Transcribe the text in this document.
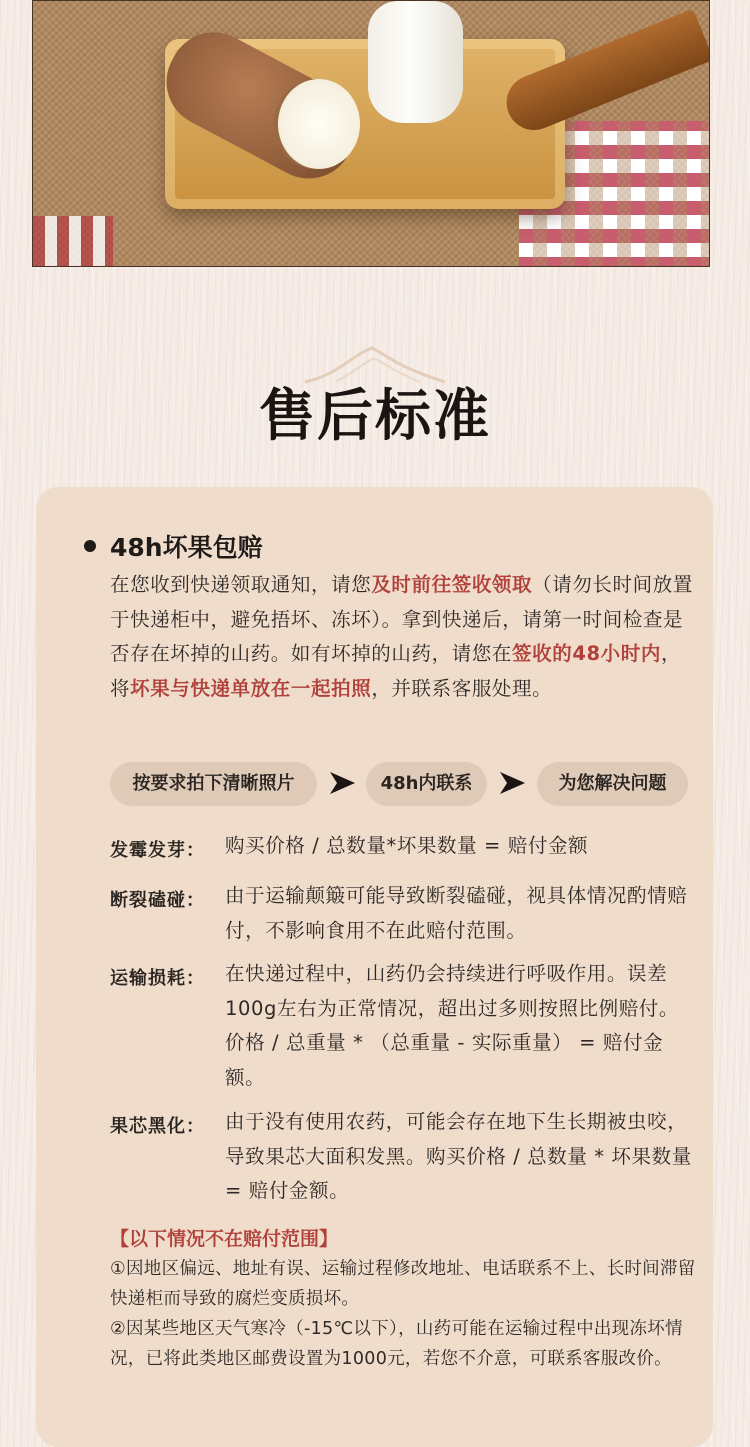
售后标准
48h坏果包赔
在您收到快递领取通知，请您及时前往签收领取（请勿长时间放置于快递柜中，避免捂坏、冻坏）。拿到快递后，请第一时间检查是否存在坏掉的山药。如有坏掉的山药，请您在签收的48小时内，将坏果与快递单放在一起拍照，并联系客服处理。
按要求拍下清晰照片	48h内联系	为您解决问题
发霉发芽： 购买价格 / 总数量*坏果数量 = 赔付金额
断裂磕碰： 由于运输颠簸可能导致断裂磕碰，视具体情况酌情赔付，不影响食用不在此赔付范围。
运输损耗： 在快递过程中，山药仍会持续进行呼吸作用。误差100g左右为正常情况，超出过多则按照比例赔付。价格 / 总重量 * （总重量 - 实际重量） = 赔付金额。
果芯黑化： 由于没有使用农药，可能会存在地下生长期被虫咬，导致果芯大面积发黑。购买价格 / 总数量 * 坏果数量 = 赔付金额。
【以下情况不在赔付范围】
①因地区偏远、地址有误、运输过程修改地址、电话联系不上、长时间滞留快递柜而导致的腐烂变质损坏。
②因某些地区天气寒冷（-15℃以下），山药可能在运输过程中出现冻坏情况，已将此类地区邮费设置为1000元，若您不介意，可联系客服改价。
